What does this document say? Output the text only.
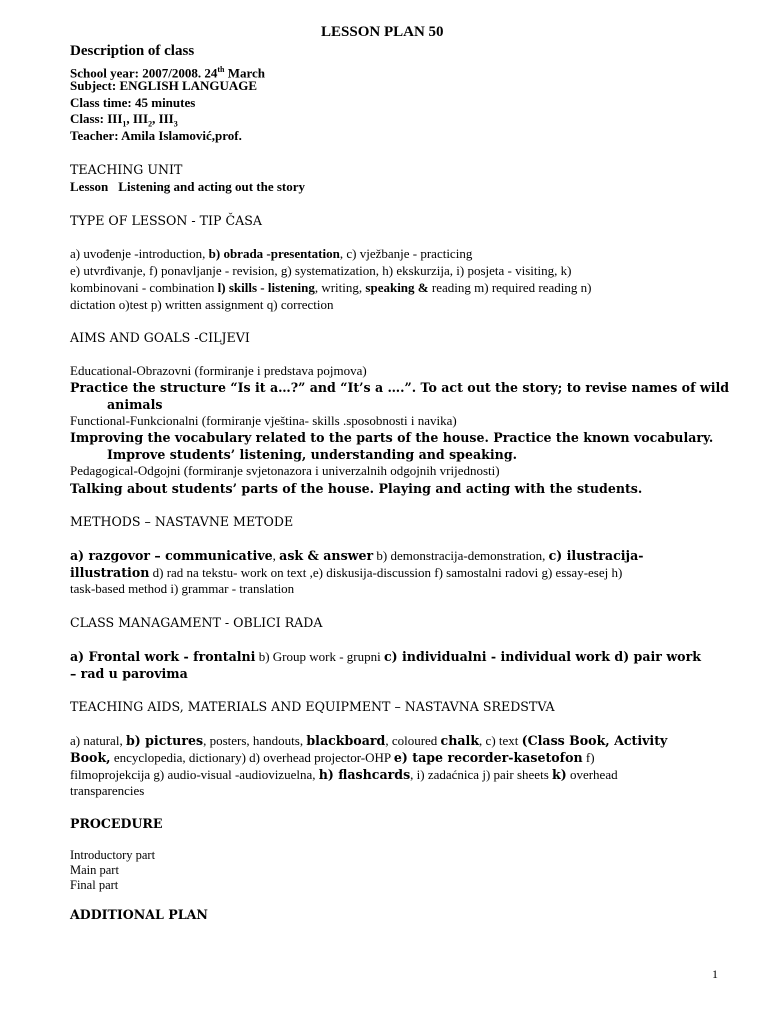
LESSON PLAN 50
Description of class
School year: 2007/2008. 24th March
Subject: ENGLISH LANGUAGE
Class time: 45 minutes
Class: $III_1$, $III_2$, $III_3$
Teacher: Amila Islamović,prof.
TEACHING UNIT
Lesson Listening and acting out the story
TYPE OF LESSON - TIP ČASA
a) uvođenje -introduction, b) obrada -presentation, c) vježbanje - practicing
e) utvrđivanje, f) ponavljanje - revision, g) systematization, h) ekskurzija, i) posjeta - visiting, k)
kombinovani - combination l) skills - listening, writing, speaking & reading m) required reading n)
dictation o)test p) written assignment q) correction
AIMS AND GOALS -CILJEVI
Educational-Obrazovni (formiranje i predstava pojmova)
Practice the structure “Is it a…?” and “It’s a ….”. To act out the story; to revise names of wild
animals
Functional-Funkcionalni (formiranje vještina- skills .sposobnosti i navika)
Improving the vocabulary related to the parts of the house. Practice the known vocabulary.
Improve students’ listening, understanding and speaking.
Pedagogical-Odgojni (formiranje svjetonazora i univerzalnih odgojnih vrijednosti)
Talking about students’ parts of the house. Playing and acting with the students.
METHODS – NASTAVNE METODE
a) razgovor – communicative, ask & answer b) demonstracija-demonstration, c) ilustracija-
illustration d) rad na tekstu- work on text ,e) diskusija-discussion f) samostalni radovi g) essay-esej h)
task-based method i) grammar - translation
CLASS MANAGAMENT - OBLICI RADA
a) Frontal work - frontalni b) Group work - grupni c) individualni - individual work d) pair work
– rad u parovima
TEACHING AIDS, MATERIALS AND EQUIPMENT – NASTAVNA SREDSTVA
a) natural, b) pictures, posters, handouts, blackboard, coloured chalk, c) text (Class Book, Activity
Book, encyclopedia, dictionary) d) overhead projector-OHP e) tape recorder-kasetofon f)
filmoprojekcija g) audio-visual -audiovizuelna, h) flashcards, i) zadaćnica j) pair sheets k) overhead
transparencies
PROCEDURE
Introductory part
Main part
Final part
ADDITIONAL PLAN
1
